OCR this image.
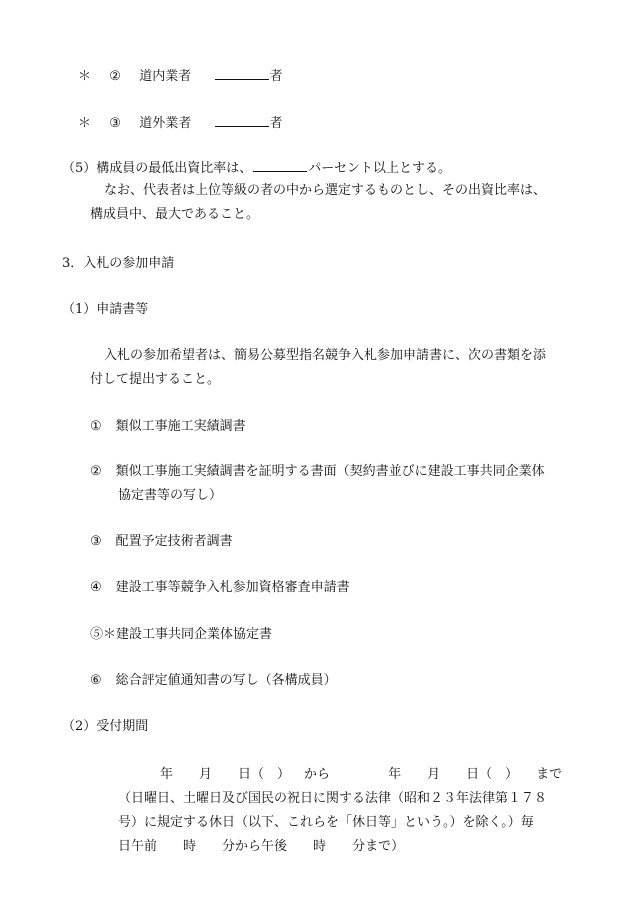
＊ ② 道内業者	者
＊ ③ 道外業者	者
（5）構成員の最低出資比率は、	パーセント以上とする。
なお、代表者は上位等級の者の中から選定するものとし、その出資比率は、
構成員中、最大であること。
3．入札の参加申請
（1）申請書等
入札の参加希望者は、簡易公募型指名競争入札参加申請書に、次の書類を添
付して提出すること。
① 類似工事施工実績調書
② 類似工事施工実績調書を証明する書面（契約書並びに建設工事共同企業体
協定書等の写し）
③ 配置予定技術者調書
④ 建設工事等競争入札参加資格審査申請書
⑤＊建設工事共同企業体協定書
⑥ 総合評定値通知書の写し（各構成員）
（2）受付期間
年 月 日（　） から	年 月 日（　） まで
（日曜日、土曜日及び国民の祝日に関する法律（昭和２３年法律第１７８
号）に規定する休日（以下、これらを「休日等」という。）を除く。）毎
日午前 時 分から午後 時 分まで）
